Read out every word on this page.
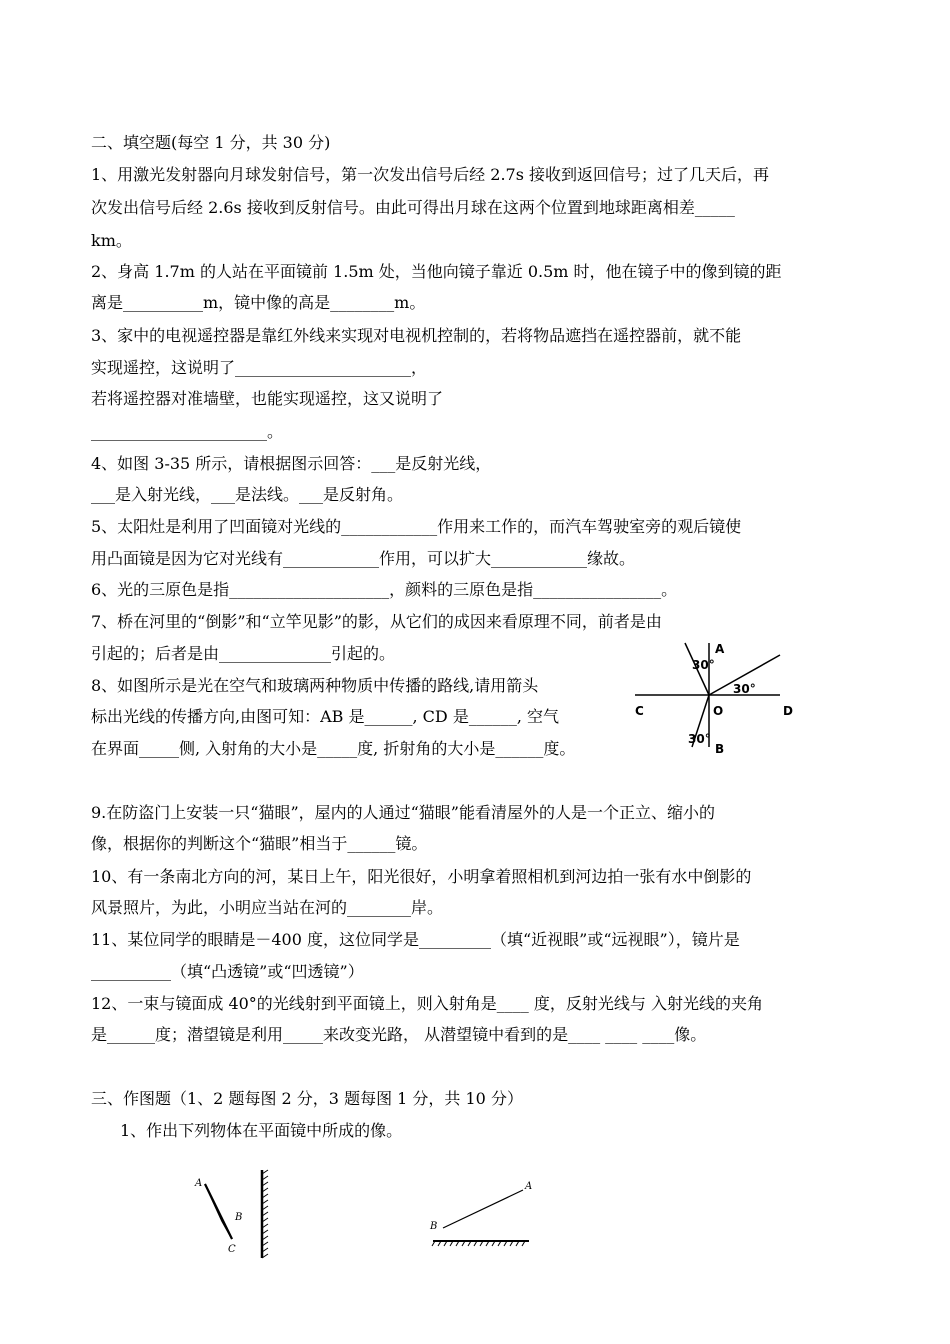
二、填空题(每空 1 分，共 30 分)
1、用激光发射器向月球发射信号，第一次发出信号后经 2.7s 接收到返回信号；过了几天后，再
次发出信号后经 2.6s 接收到反射信号。由此可得出月球在这两个位置到地球距离相差_____
km。
2、身高 1.7m 的人站在平面镜前 1.5m 处，当他向镜子靠近 0.5m 时，他在镜子中的像到镜的距
离是__________m，镜中像的高是________m。
3、家中的电视遥控器是靠红外线来实现对电视机控制的，若将物品遮挡在遥控器前，就不能
实现遥控，这说明了______________________，
若将遥控器对准墙壁，也能实现遥控，这又说明了
______________________。
4、如图 3-35 所示，请根据图示回答：___是反射光线，
___是入射光线，___是法线。___是反射角。
5、太阳灶是利用了凹面镜对光线的____________作用来工作的，而汽车驾驶室旁的观后镜使
用凸面镜是因为它对光线有____________作用，可以扩大____________缘故。
6、光的三原色是指____________________，颜料的三原色是指________________。
7、桥在河里的“倒影”和“立竿见影”的影，从它们的成因来看原理不同，前者是由
引起的；后者是由______________引起的。
8、如图所示是光在空气和玻璃两种物质中传播的路线,请用箭头
标出光线的传播方向,由图可知：AB 是______, CD 是______, 空气
在界面_____侧, 入射角的大小是_____度, 折射角的大小是______度。
A
30°
30°
C	O	D
30°
B
9.在防盗门上安装一只“猫眼”，屋内的人通过“猫眼”能看清屋外的人是一个正立、缩小的
像，根据你的判断这个“猫眼”相当于______镜。
10、有一条南北方向的河，某日上午，阳光很好，小明拿着照相机到河边拍一张有水中倒影的
风景照片，为此，小明应当站在河的________岸。
11、某位同学的眼睛是－400 度，这位同学是_________（填“近视眼”或“远视眼”），镜片是
__________（填“凸透镜”或“凹透镜”）
12、一束与镜面成 40°的光线射到平面镜上，则入射角是____ 度，反射光线与 入射光线的夹角
是______度；潜望镜是利用_____来改变光路， 从潜望镜中看到的是____ ____ ____像。
三、作图题（1、2 题每图 2 分，3 题每图 1 分，共 10 分）
1、作出下列物体在平面镜中所成的像。
A
B
C
A
B
